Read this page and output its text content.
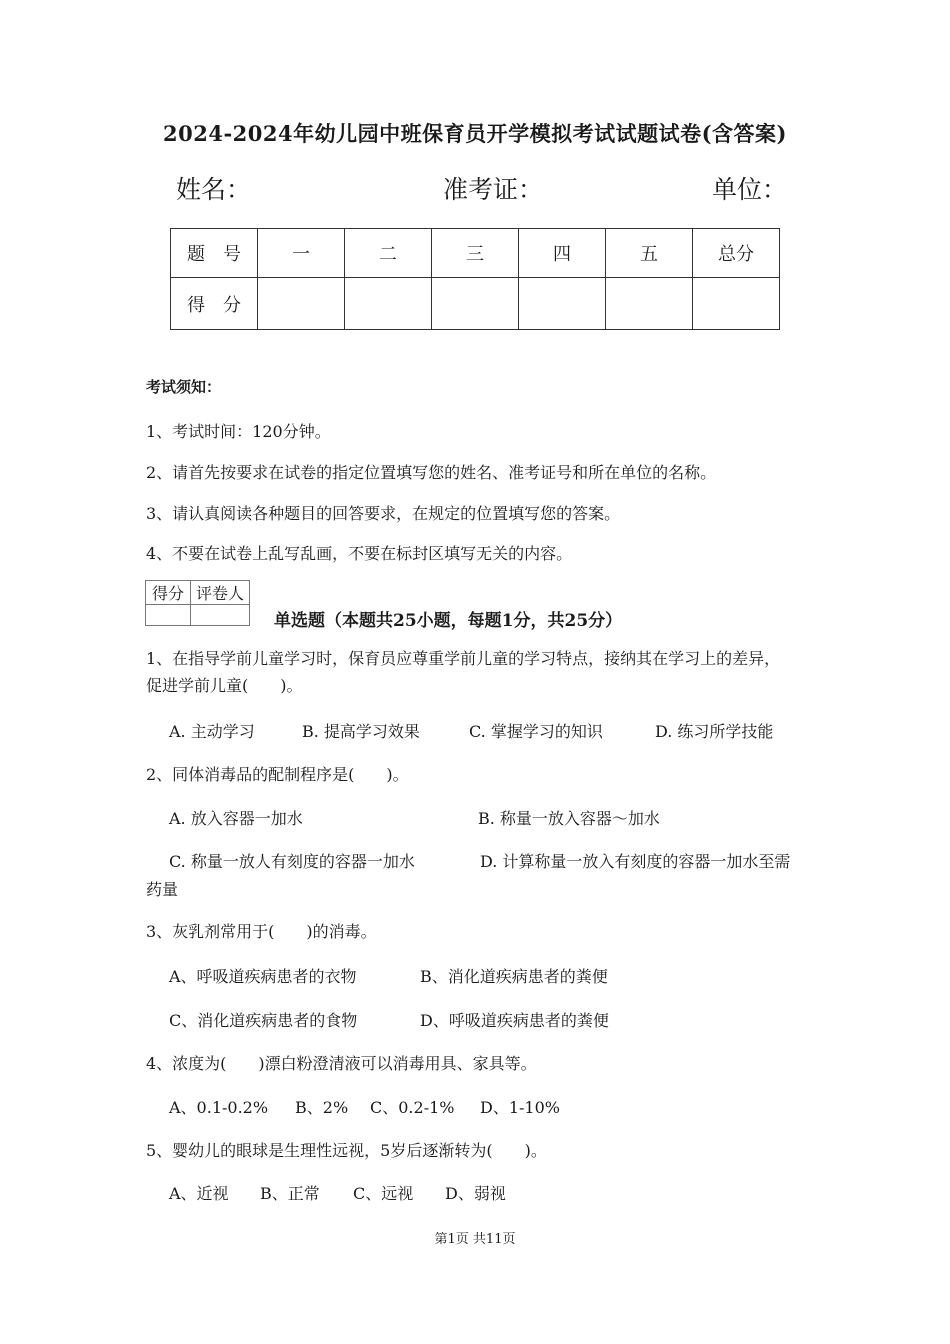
2024-2024年幼儿园中班保育员开学模拟考试试题试卷(含答案)
姓名：	准考证：	单位：
题　号	一	二	三	四	五	总分
得　分						
考试须知：
1、考试时间：120分钟。
2、请首先按要求在试卷的指定位置填写您的姓名、准考证号和所在单位的名称。
3、请认真阅读各种题目的回答要求，在规定的位置填写您的答案。
4、不要在试卷上乱写乱画，不要在标封区填写无关的内容。
得分	评卷人

单选题（本题共25小题，每题1分，共25分）
1、在指导学前儿童学习时，保育员应尊重学前儿童的学习特点，接纳其在学习上的差异，
促进学前儿童(　　)。
A. 主动学习	B. 提高学习效果	C. 掌握学习的知识	D. 练习所学技能
2、同体消毒品的配制程序是(　　)。
A. 放入容器一加水	B. 称量一放入容器～加水
C. 称量一放人有刻度的容器一加水	D. 计算称量一放入有刻度的容器一加水至需
药量
3、灰乳剂常用于(　　)的消毒。
A、呼吸道疾病患者的衣物	B、消化道疾病患者的粪便
C、消化道疾病患者的食物	D、呼吸道疾病患者的粪便
4、浓度为(　　)漂白粉澄清液可以消毒用具、家具等。
A、0.1-0.2% B、2% C、0.2-1% D、1-10%
5、婴幼儿的眼球是生理性远视，5岁后逐渐转为(　　)。
A、近视 B、正常 C、远视 D、弱视
第1页 共11页
